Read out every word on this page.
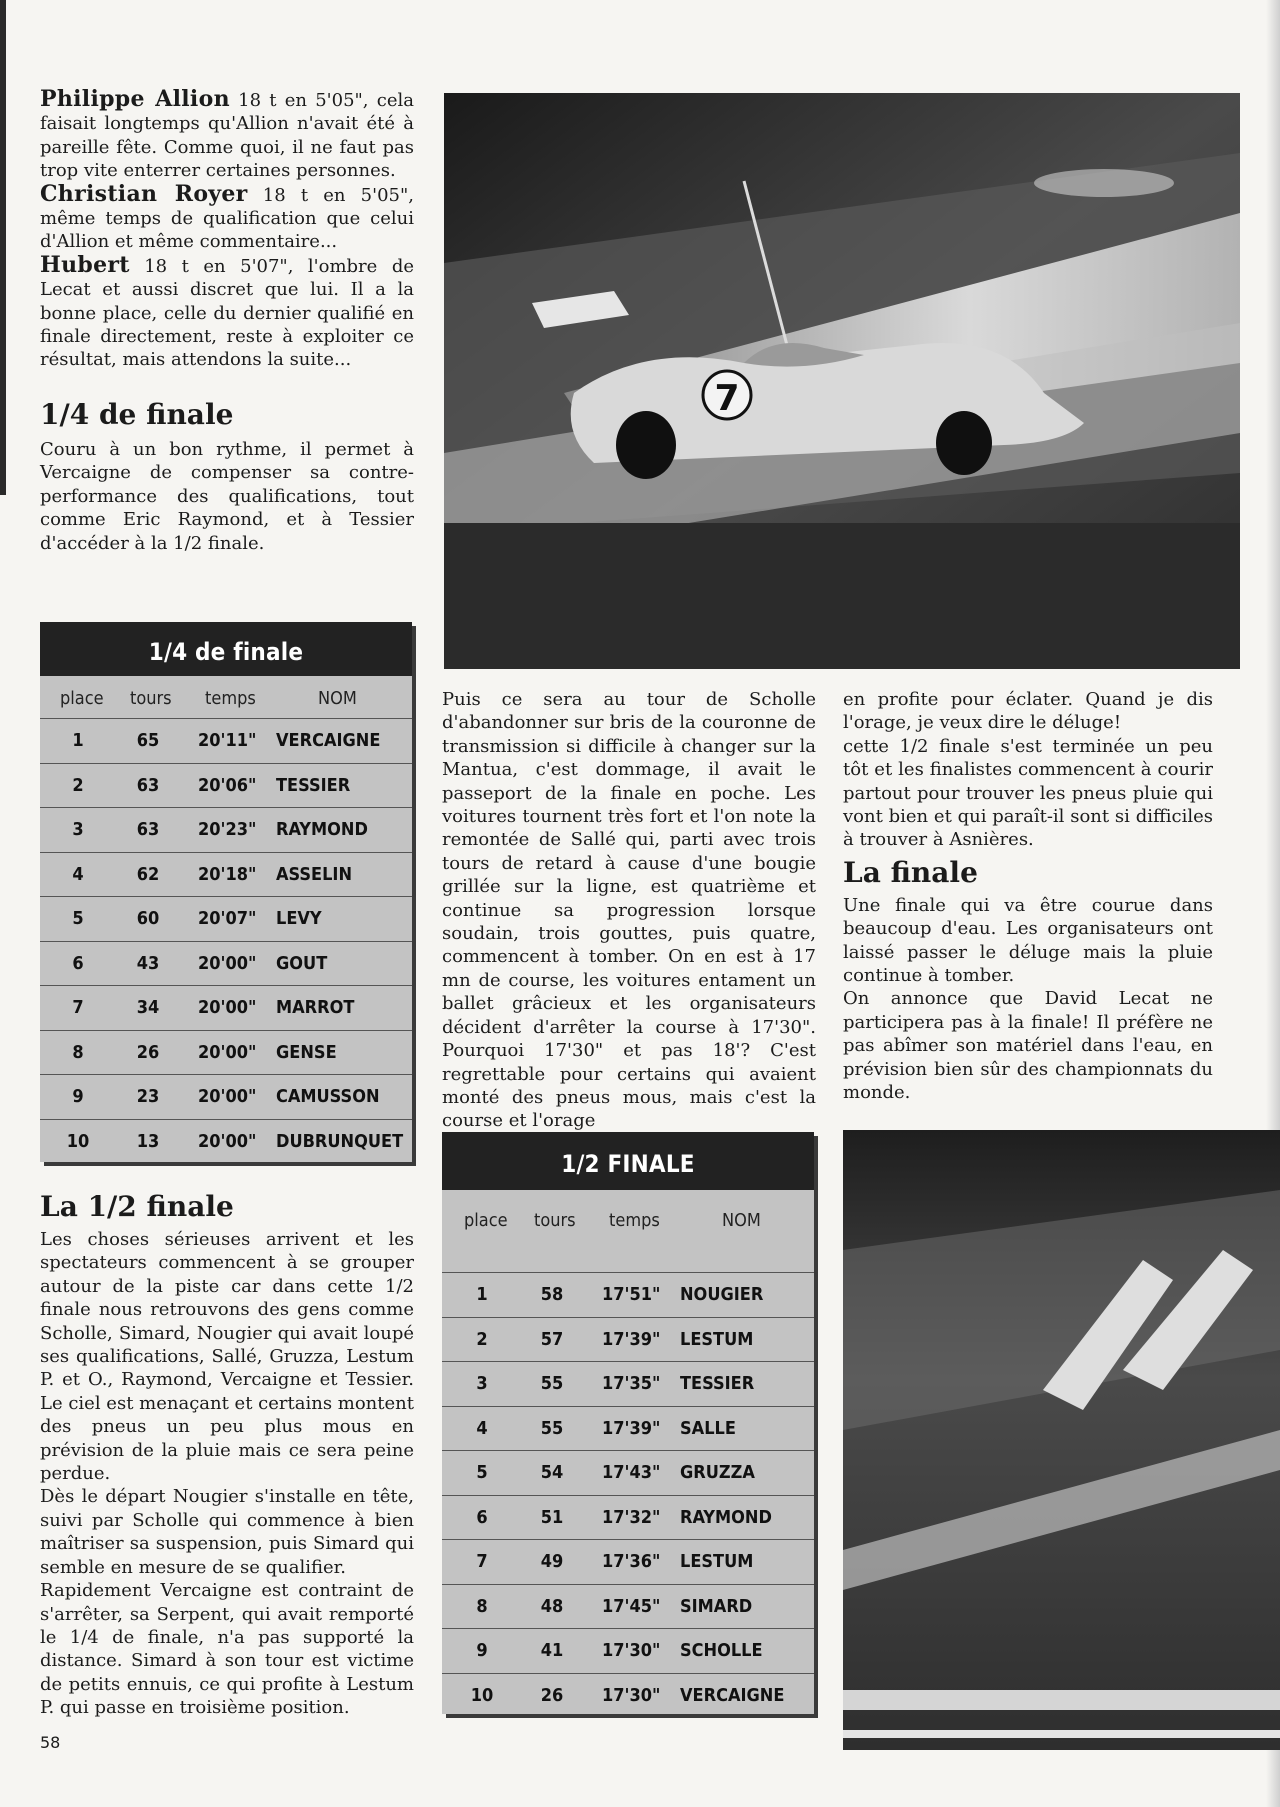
Philippe Allion 18 t en 5'05", cela faisait longtemps qu'Allion n'avait été à pareille fête. Comme quoi, il ne faut pas trop vite enterrer certaines personnes.

Christian Royer 18 t en 5'05", même temps de qualification que celui d'Allion et même commentaire...

Hubert 18 t en 5'07", l'ombre de Lecat et aussi discret que lui. Il a la bonne place, celle du dernier qualifié en finale directement, reste à exploiter ce résultat, mais attendons la suite...

1/4 de finale

Couru à un bon rythme, il permet à Vercaigne de compenser sa contre-performance des qualifications, tout comme Eric Raymond, et à Tessier d'accéder à la 1/2 finale.

1/4 de finale
place tours temps	NOM
1	65	20'11" VERCAIGNE
2	63	20'06" TESSIER
3	63	20'23" RAYMOND
4	62	20'18" ASSELIN
5	60	20'07" LEVY
6	43	20'00" GOUT
7	34	20'00" MARROT
8	26	20'00" GENSE
9	23	20'00" CAMUSSON
10	13	20'00" DUBRUNQUET
La 1/2 finale

Les choses sérieuses arrivent et les spectateurs commencent à se grouper autour de la piste car dans cette 1/2 finale nous retrouvons des gens comme Scholle, Simard, Nougier qui avait loupé ses qualifications, Sallé, Gruzza, Lestum P. et O., Raymond, Vercaigne et Tessier. Le ciel est menaçant et certains montent des pneus un peu plus mous en prévision de la pluie mais ce sera peine perdue.

Dès le départ Nougier s'installe en tête, suivi par Scholle qui commence à bien maîtriser sa suspension, puis Simard qui semble en mesure de se qualifier.

Rapidement Vercaigne est contraint de s'arrêter, sa Serpent, qui avait remporté le 1/4 de finale, n'a pas supporté la distance. Simard à son tour est victime de petits ennuis, ce qui profite à Lestum P. qui passe en troisième position.

58
7

Puis ce sera au tour de Scholle d'abandonner sur bris de la couronne de transmission si difficile à changer sur la Mantua, c'est dommage, il avait le passeport de la finale en poche. Les voitures tournent très fort et l'on note la remontée de Sallé qui, parti avec trois tours de retard à cause d'une bougie grillée sur la ligne, est quatrième et continue sa progression lorsque soudain, trois gouttes, puis quatre, commencent à tomber. On en est à 17 mn de course, les voitures entament un ballet grâcieux et les organisateurs décident d'arrêter la course à 17'30". Pourquoi 17'30" et pas 18'? C'est regrettable pour certains qui avaient monté des pneus mous, mais c'est la course et l'orage

en profite pour éclater. Quand je dis l'orage, je veux dire le déluge!

cette 1/2 finale s'est terminée un peu tôt et les finalistes commencent à courir partout pour trouver les pneus pluie qui vont bien et qui paraît-il sont si difficiles à trouver à Asnières.

La finale

Une finale qui va être courue dans beaucoup d'eau. Les organisateurs ont laissé passer le déluge mais la pluie continue à tomber.

On annonce que David Lecat ne participera pas à la finale! Il préfère ne pas abîmer son matériel dans l'eau, en prévision bien sûr des championnats du monde.

1/2 FINALE
place tours temps	NOM
1	58	17'51" NOUGIER
2	57	17'39" LESTUM
3	55	17'35" TESSIER
4	55	17'39" SALLE
5	54	17'43" GRUZZA
6	51	17'32" RAYMOND
7	49	17'36" LESTUM
8	48	17'45" SIMARD
9	41	17'30" SCHOLLE
10	26	17'30" VERCAIGNE
